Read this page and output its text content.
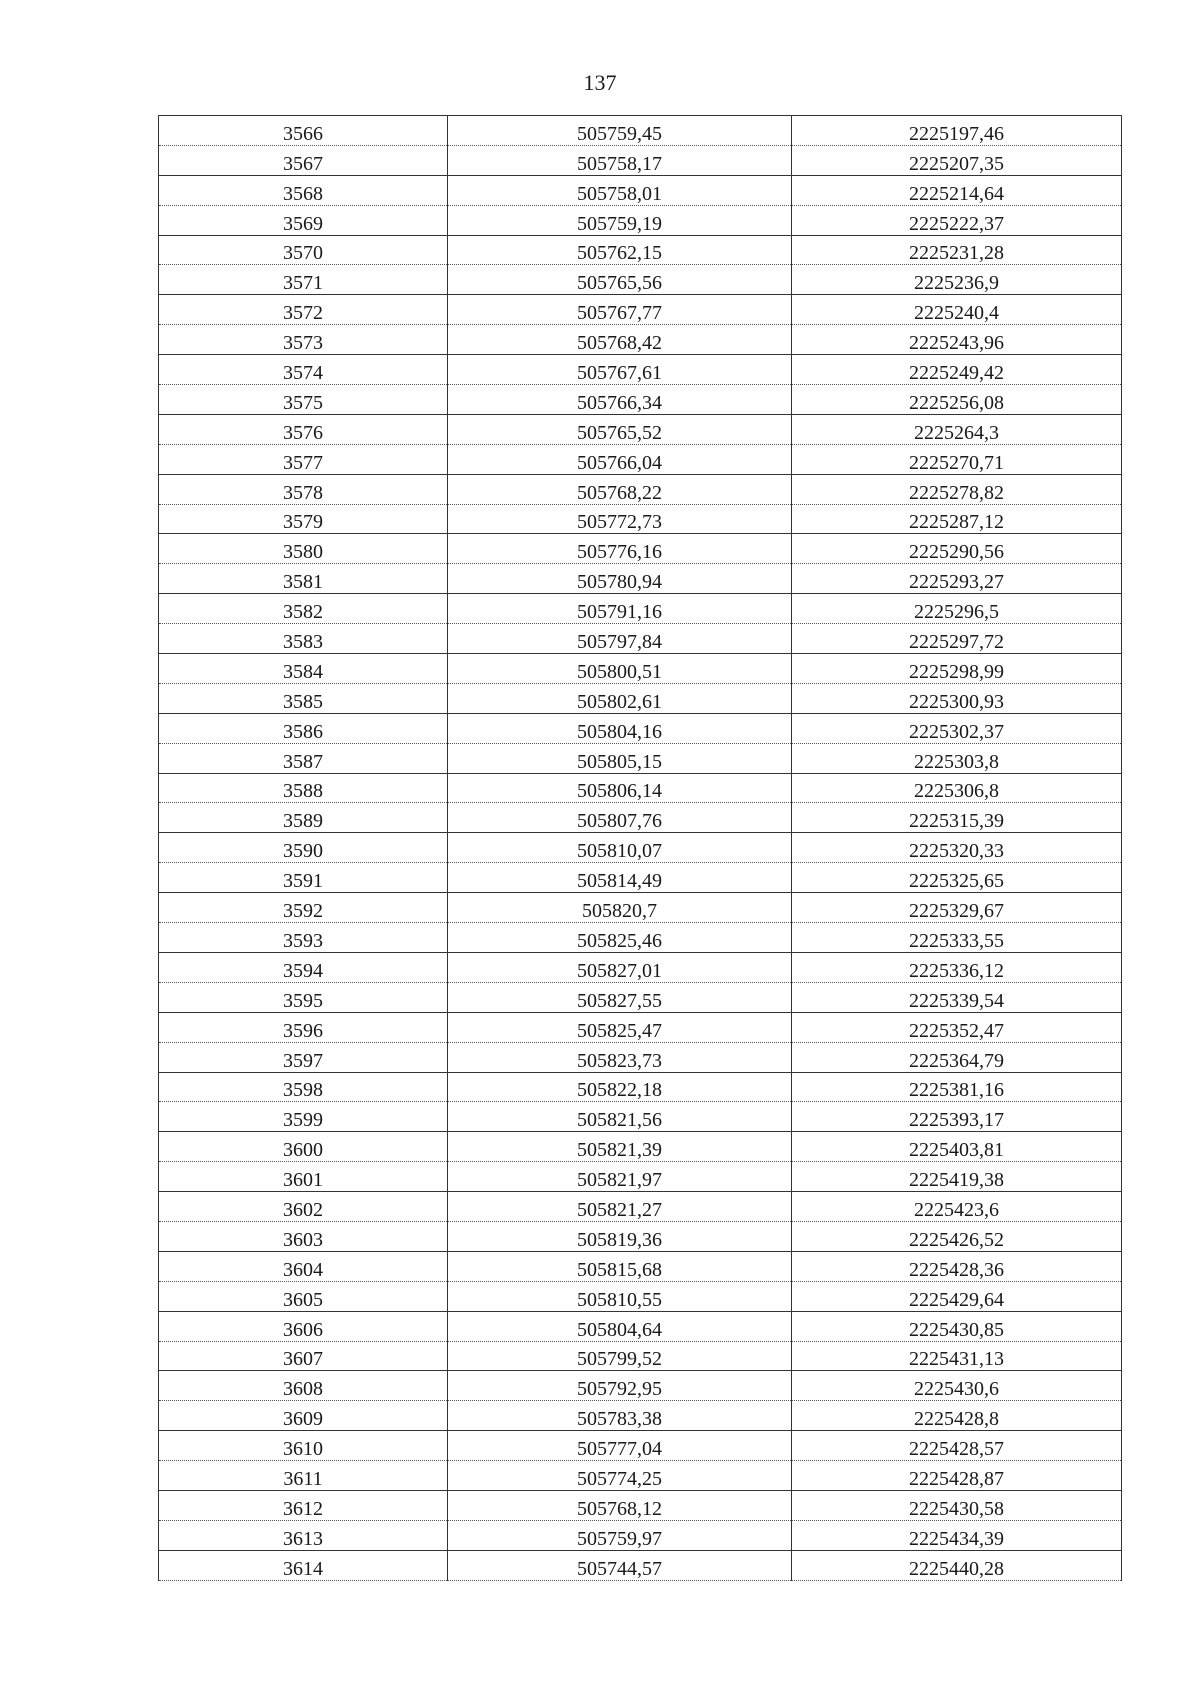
137
3566	505759,45	2225197,46
3567	505758,17	2225207,35
3568	505758,01	2225214,64
3569	505759,19	2225222,37
3570	505762,15	2225231,28
3571	505765,56	2225236,9
3572	505767,77	2225240,4
3573	505768,42	2225243,96
3574	505767,61	2225249,42
3575	505766,34	2225256,08
3576	505765,52	2225264,3
3577	505766,04	2225270,71
3578	505768,22	2225278,82
3579	505772,73	2225287,12
3580	505776,16	2225290,56
3581	505780,94	2225293,27
3582	505791,16	2225296,5
3583	505797,84	2225297,72
3584	505800,51	2225298,99
3585	505802,61	2225300,93
3586	505804,16	2225302,37
3587	505805,15	2225303,8
3588	505806,14	2225306,8
3589	505807,76	2225315,39
3590	505810,07	2225320,33
3591	505814,49	2225325,65
3592	505820,7	2225329,67
3593	505825,46	2225333,55
3594	505827,01	2225336,12
3595	505827,55	2225339,54
3596	505825,47	2225352,47
3597	505823,73	2225364,79
3598	505822,18	2225381,16
3599	505821,56	2225393,17
3600	505821,39	2225403,81
3601	505821,97	2225419,38
3602	505821,27	2225423,6
3603	505819,36	2225426,52
3604	505815,68	2225428,36
3605	505810,55	2225429,64
3606	505804,64	2225430,85
3607	505799,52	2225431,13
3608	505792,95	2225430,6
3609	505783,38	2225428,8
3610	505777,04	2225428,57
3611	505774,25	2225428,87
3612	505768,12	2225430,58
3613	505759,97	2225434,39
3614	505744,57	2225440,28
